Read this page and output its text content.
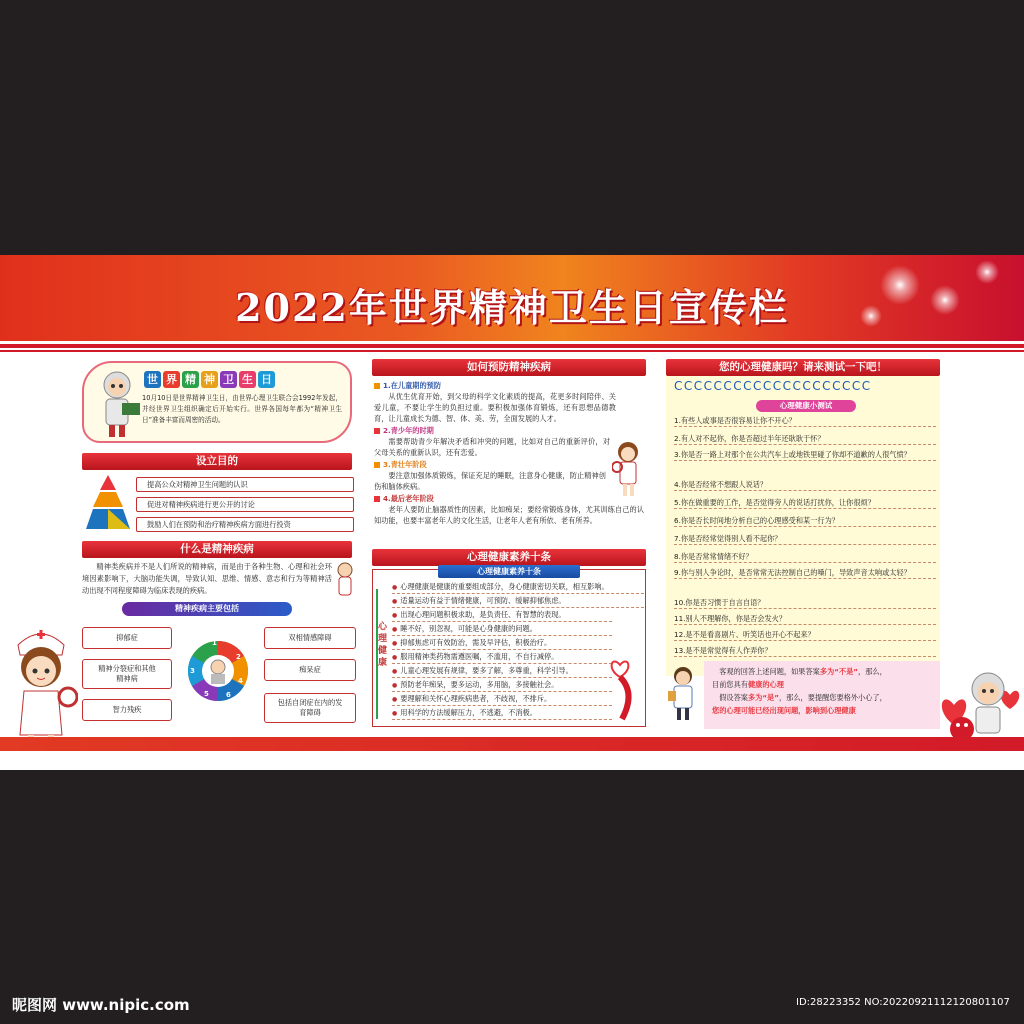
2022年世界精神卫生日宣传栏
世 界 精 神 卫 生 日
10月10日是世界精神卫生日，由世界心理卫生联合会1992年发起，并经世界卫生组织确定后开始实行。世界各国每年都为“精神卫生日”准备丰富而周密的活动。
设立目的
提高公众对精神卫生问题的认识
促进对精神疾病进行更公开的讨论
鼓励人们在预防和治疗精神疾病方面进行投资
什么是精神疾病
精神类疾病并不是人们所说的精神病，而是由于各种生物、心理和社会环境因素影响下，大脑功能失调，导致认知、思维、情感、意志和行为等精神活动出现不同程度障碍为临床表现的疾病。
精神疾病主要包括
抑郁症
精神分裂症和其他精神病
智力残疾
双相情感障碍
痴呆症
包括自闭症在内的发育障碍
1
2
3
4
5 6
如何预防精神疾病
1.在儿童期的预防
从优生优育开始，到父母的科学文化素质的提高，花更多时间陪伴、关爱儿童，不要让学生的负担过重。要积极加强体育锻炼，还有思想品德教育，让儿童成长为德、智、体、美、劳，全面发展的人才。
2.青少年的时期
需要帮助青少年解决矛盾和冲突的问题，比如对自己的重新评价，对父母关系的重新认识，还有恋爱。
3.青壮年阶段
要注意加强体质锻炼，保证充足的睡眠，注意身心健康，防止精神创伤和脑体疾病。
4.最后老年阶段
老年人要防止脑器质性的因素，比如痴呆；要经常锻炼身体，尤其训练自己的认知功能，也要丰富老年人的文化生活，让老年人老有所依、老有所养。
心理健康素养十条
心理健康素养十条
心
理
健
康
● 心理健康是健康的重要组成部分，身心健康密切关联，相互影响。
● 适量运动有益于情绪健康，可预防、缓解抑郁焦虑。
● 出现心理问题积极求助，是负责任、有智慧的表现。
● 睡不好，别忽视，可能是心身健康的问题。
● 抑郁焦虑可有效防治，需及早评估，积极治疗。
● 服用精神类药物需遵医嘱，不滥用，不自行减停。
● 儿童心理发展有规律，要多了解，多尊重，科学引导。
● 预防老年痴呆，要多运动，多用脑，多接触社会。
● 要理解和关怀心理疾病患者，不歧视，不排斥。
● 用科学的方法缓解压力，不逃避，不消极。
您的心理健康吗？请来测试一下吧！
CCCCCCCCCCCCCCCCCCCC
心理健康小测试
1.有些人或事是否很容易让你不开心？
2.有人对不起你，你是否超过半年还耿耿于怀？
3.你是否一路上对那个在公共汽车上或地铁里碰了你却不道歉的人很气愤？
4.你是否经常不想跟人说话？
5.你在做重要的工作，是否觉得旁人的说话打扰你，让你很烦？
6.你是否长时间地分析自己的心理感受和某一行为？
7.你是否经常觉得别人看不起你？
8.你是否常常情绪不好？
9.你与别人争论时，是否常常无法控制自己的嗓门，导致声音太响或太轻？
10.你是否习惯于自言自语？
11.别人不理解你，你是否会发火？
12.是不是看喜剧片、听笑话也开心不起来？
13.是不是常觉得有人作弄你？
客观的回答上述问题，如果答案多为“不是”，那么，
目前您具有健康的心理
假设答案多为“是”，那么，要提醒您要格外小心了，
您的心理可能已经出现问题，影响到心理健康
昵图网 www.nipic.com	ID:28223352 NO:20220921112120801107
